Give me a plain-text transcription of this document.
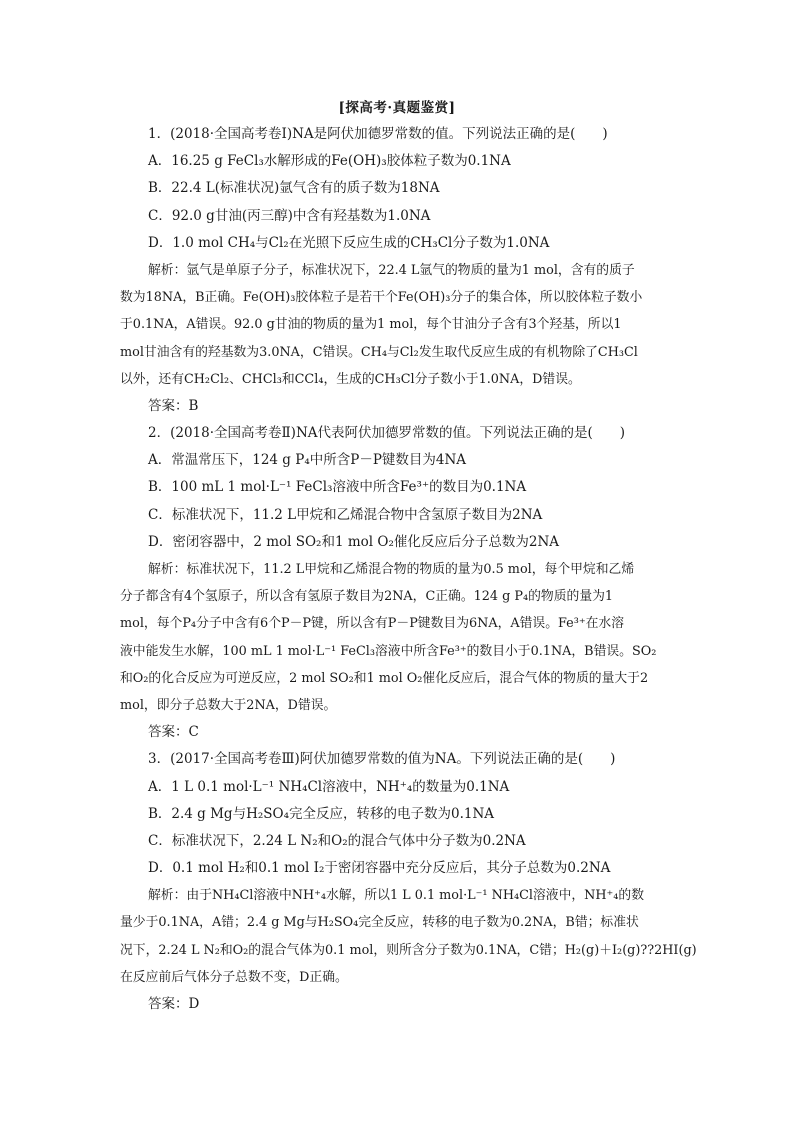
[探高考·真题鉴赏]
1．(2018·全国高考卷Ⅰ)NA是阿伏加德罗常数的值。下列说法正确的是(　　)
A．16.25 g FeCl₃水解形成的Fe(OH)₃胶体粒子数为0.1NA
B．22.4 L(标准状况)氩气含有的质子数为18NA
C．92.0 g甘油(丙三醇)中含有羟基数为1.0NA
D．1.0 mol CH₄与Cl₂在光照下反应生成的CH₃Cl分子数为1.0NA
解析：氩气是单原子分子，标准状况下，22.4 L氩气的物质的量为1 mol，含有的质子
数为18NA，B正确。Fe(OH)₃胶体粒子是若干个Fe(OH)₃分子的集合体，所以胶体粒子数小
于0.1NA，A错误。92.0 g甘油的物质的量为1 mol，每个甘油分子含有3个羟基，所以1
mol甘油含有的羟基数为3.0NA，C错误。CH₄与Cl₂发生取代反应生成的有机物除了CH₃Cl
以外，还有CH₂Cl₂、CHCl₃和CCl₄，生成的CH₃Cl分子数小于1.0NA，D错误。
答案：B
2．(2018·全国高考卷Ⅱ)NA代表阿伏加德罗常数的值。下列说法正确的是(　　)
A．常温常压下，124 g P₄中所含P－P键数目为4NA
B．100 mL 1 mol·L⁻¹ FeCl₃溶液中所含Fe³⁺的数目为0.1NA
C．标准状况下，11.2 L甲烷和乙烯混合物中含氢原子数目为2NA
D．密闭容器中，2 mol SO₂和1 mol O₂催化反应后分子总数为2NA
解析：标准状况下，11.2 L甲烷和乙烯混合物的物质的量为0.5 mol，每个甲烷和乙烯
分子都含有4个氢原子，所以含有氢原子数目为2NA，C正确。124 g P₄的物质的量为1
mol，每个P₄分子中含有6个P－P键，所以含有P－P键数目为6NA，A错误。Fe³⁺在水溶
液中能发生水解，100 mL 1 mol·L⁻¹ FeCl₃溶液中所含Fe³⁺的数目小于0.1NA，B错误。SO₂
和O₂的化合反应为可逆反应，2 mol SO₂和1 mol O₂催化反应后，混合气体的物质的量大于2
mol，即分子总数大于2NA，D错误。
答案：C
3．(2017·全国高考卷Ⅲ)阿伏加德罗常数的值为NA。下列说法正确的是(　　)
A．1 L 0.1 mol·L⁻¹ NH₄Cl溶液中，NH⁺₄的数量为0.1NA
B．2.4 g Mg与H₂SO₄完全反应，转移的电子数为0.1NA
C．标准状况下，2.24 L N₂和O₂的混合气体中分子数为0.2NA
D．0.1 mol H₂和0.1 mol I₂于密闭容器中充分反应后，其分子总数为0.2NA
解析：由于NH₄Cl溶液中NH⁺₄水解，所以1 L 0.1 mol·L⁻¹ NH₄Cl溶液中，NH⁺₄的数
量少于0.1NA，A错；2.4 g Mg与H₂SO₄完全反应，转移的电子数为0.2NA，B错；标准状
况下，2.24 L N₂和O₂的混合气体为0.1 mol，则所含分子数为0.1NA，C错；H₂(g)＋I₂(g)??2HI(g)
在反应前后气体分子总数不变，D正确。
答案：D
